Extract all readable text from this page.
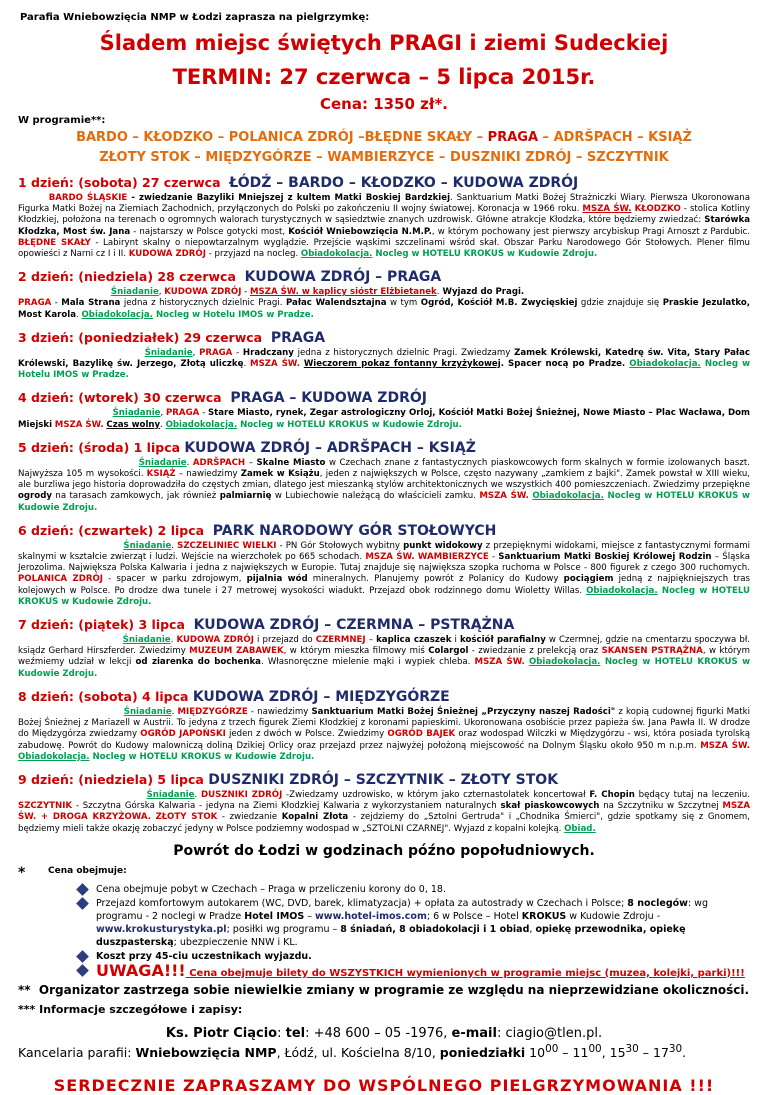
Parafia Wniebowzięcia NMP w Łodzi zaprasza na pielgrzymkę:
Śladem miejsc świętych PRAGI i ziemi Sudeckiej
TERMIN: 27 czerwca – 5 lipca 2015r.
Cena: 1350 zł*.
W programie**:
BARDO – KŁODZKO – POLANICA ZDRÓJ –BŁĘDNE SKAŁY – PRAGA – ADRŠPACH – KSIĄŻ
ZŁOTY STOK – MIĘDZYGÓRZE – WAMBIERZYCE – DUSZNIKI ZDRÓJ – SZCZYTNIK
1 dzień: (sobota) 27 czerwca ŁÓDŹ – BARDO – KŁODZKO – KUDOWA ZDRÓJ

BARDO ŚLĄSKIE - zwiedzanie Bazyliki Mniejszej z kultem Matki Boskiej Bardzkiej. Sanktuarium Matki Bożej Strażniczki Wiary. Pierwsza Ukoronowana Figurka Matki Bożej na Ziemiach Zachodnich, przyłączonych do Polski po zakończeniu II wojny światowej. Koronacja w 1966 roku. MSZA ŚW. KŁODZKO - stolica Kotliny Kłodzkiej, położona na terenach o ogromnych walorach turystycznych w sąsiedztwie znanych uzdrowisk. Główne atrakcje Kłodzka, które będziemy zwiedzać: Starówka Kłodzka, Most św. Jana - najstarszy w Polsce gotycki most, Kościół Wniebowzięcia N.M.P., w którym pochowany jest pierwszy arcybiskup Pragi Arnoszt z Pardubic. BŁĘDNE SKAŁY - Labirynt skalny o niepowtarzalnym wyglądzie. Przejście wąskimi szczelinami wśród skał. Obszar Parku Narodowego Gór Stołowych. Plener filmu opowieści z Narni cz I i II. KUDOWA ZDRÓJ - przyjazd na nocleg. Obiadokolacja. Nocleg w HOTELU KROKUS w Kudowie Zdroju.

2 dzień: (niedziela) 28 czerwca KUDOWA ZDRÓJ – PRAGA

Śniadanie, KUDOWA ZDRÓJ - MSZA ŚW. w kaplicy sióstr Elżbietanek. Wyjazd do Pragi.
PRAGA - Mala Strana jedna z historycznych dzielnic Pragi. Pałac Walendsztajna w tym Ogród, Kościół M.B. Zwycięskiej gdzie znajduje się Praskie Jezulatko, Most Karola. Obiadokolacja. Nocleg w Hotelu IMOS w Pradze.

3 dzień: (poniedziałek) 29 czerwca PRAGA

Śniadanie, PRAGA - Hradczany jedna z historycznych dzielnic Pragi. Zwiedzamy Zamek Królewski, Katedrę św. Vita, Stary Pałac Królewski, Bazylikę św. Jerzego, Złotą uliczkę. MSZA ŚW. Wieczorem pokaz fontanny krzyżykowej. Spacer nocą po Pradze. Obiadokolacja. Nocleg w Hotelu IMOS w Pradze.

4 dzień: (wtorek) 30 czerwca PRAGA – KUDOWA ZDRÓJ

Śniadanie, PRAGA - Stare Miasto, rynek, Zegar astrologiczny Orloj, Kościół Matki Bożej Śnieżnej, Nowe Miasto – Plac Wacława, Dom Miejski MSZA ŚW. Czas wolny. Obiadokolacja. Nocleg w HOTELU KROKUS w Kudowie Zdroju.

5 dzień: (środa) 1 lipca KUDOWA ZDRÓJ – ADRŠPACH – KSIĄŻ

Śniadanie. ADRŠPACH – Skalne Miasto w Czechach znane z fantastycznych piaskowcowych form skalnych w formie izolowanych baszt. Najwyższa 105 m wysokości. KSIĄŻ – nawiedzimy Zamek w Książu, jeden z największych w Polsce, często nazywany „zamkiem z bajki". Zamek powstał w XIII wieku, ale burzliwa jego historia doprowadziła do częstych zmian, dlatego jest mieszanką stylów architektonicznych we wszystkich 400 pomieszczeniach. Zwiedzimy przepiękne ogrody na tarasach zamkowych, jak również palmiarnię w Lubiechowie należącą do właścicieli zamku. MSZA ŚW. Obiadokolacja. Nocleg w HOTELU KROKUS w Kudowie Zdroju.

6 dzień: (czwartek) 2 lipca PARK NARODOWY GÓR STOŁOWYCH

Śniadanie. SZCZELINIEC WIELKI - PN Gór Stołowych wybitny punkt widokowy z przepięknymi widokami, miejsce z fantastycznymi formami skalnymi w kształcie zwierząt i ludzi. Wejście na wierzchołek po 665 schodach. MSZA ŚW. WAMBIERZYCE - Sanktuarium Matki Boskiej Królowej Rodzin – Śląska Jerozolima. Największa Polska Kalwaria i jedna z największych w Europie. Tutaj znajduje się największa szopka ruchoma w Polsce - 800 figurek z czego 300 ruchomych. POLANICA ZDRÓJ - spacer w parku zdrojowym, pijalnia wód mineralnych. Planujemy powrót z Polanicy do Kudowy pociągiem jedną z najpiękniejszych tras kolejowych w Polsce. Po drodze dwa tunele i 27 metrowej wysokości wiadukt. Przejazd obok rodzinnego domu Wioletty Willas. Obiadokolacja. Nocleg w HOTELU KROKUS w Kudowie Zdroju.

7 dzień: (piątek) 3 lipca KUDOWA ZDRÓJ – CZERMNA – PSTRĄŻNA

Śniadanie. KUDOWA ZDRÓJ i przejazd do CZERMNEJ – kaplica czaszek i kościół parafialny w Czermnej, gdzie na cmentarzu spoczywa bł. ksiądz Gerhard Hirszferder. Zwiedzimy MUZEUM ZABAWEK, w którym mieszka filmowy miś Colargol - zwiedzanie z prelekcją oraz SKANSEN PSTRĄŻNA, w którym weźmiemy udział w lekcji od ziarenka do bochenka. Własnoręczne mielenie mąki i wypiek chleba. MSZA ŚW. Obiadokolacja. Nocleg w HOTELU KROKUS w Kudowie Zdroju.

8 dzień: (sobota) 4 lipca KUDOWA ZDRÓJ – MIĘDZYGÓRZE

Śniadanie. MIĘDZYGÓRZE - nawiedzimy Sanktuarium Matki Bożej Śnieżnej „Przyczyny naszej Radości" z kopią cudownej figurki Matki Bożej Śnieżnej z Mariazell w Austrii. To jedyna z trzech figurek Ziemi Kłodzkiej z koronami papieskimi. Ukoronowana osobiście przez papieża św. Jana Pawła II. W drodze do Międzygórza zwiedzamy OGRÓD JAPOŃSKI jeden z dwóch w Polsce. Zwiedzimy OGRÓD BAJEK oraz wodospad Wilczki w Międzygórzu - wsi, która posiada tyrolską zabudowę. Powrót do Kudowy malowniczą doliną Dzikiej Orlicy oraz przejazd przez najwyżej położoną miejscowość na Dolnym Śląsku około 950 m n.p.m. MSZA ŚW. Obiadokolacja. Nocleg w HOTELU KROKUS w Kudowie Zdroju.

9 dzień: (niedziela) 5 lipca DUSZNIKI ZDRÓJ – SZCZYTNIK – ZŁOTY STOK

Śniadanie. DUSZNIKI ZDRÓJ -Zwiedzamy uzdrowisko, w którym jako czternastolatek koncertował F. Chopin będący tutaj na leczeniu. SZCZYTNIK - Szczytna Górska Kalwaria - jedyna na Ziemi Kłodzkiej Kalwaria z wykorzystaniem naturalnych skał piaskowcowych na Szczytniku w Szczytnej MSZA ŚW. + DROGA KRZYŻOWA. ZŁOTY STOK - zwiedzanie Kopalni Złota - zejdziemy do „Sztolni Gertruda" i „Chodnika Śmierci", gdzie spotkamy się z Gnomem, będziemy mieli także okazję zobaczyć jedyny w Polsce podziemny wodospad w „SZTOLNI CZARNEJ". Wyjazd z kopalni kolejką. Obiad.

Powrót do Łodzi w godzinach późno popołudniowych.
*	Cena obejmuje:
Cena obejmuje pobyt w Czechach – Praga w przeliczeniu korony do 0, 18.
Przejazd komfortowym autokarem (WC, DVD, barek, klimatyzacja) + opłata za autostrady w Czechach i Polsce; 8 noclegów: wg programu - 2 noclegi w Pradze Hotel IMOS – www.hotel-imos.com; 6 w Polsce – Hotel KROKUS w Kudowie Zdroju - www.krokusturystyka.pl; posiłki wg programu – 8 śniadań, 8 obiadokolacji i 1 obiad, opiekę przewodnika, opiekę duszpasterską; ubezpieczenie NNW i KL.
Koszt przy 45-ciu uczestnikach wyjazdu.
UWAGA!!! Cena obejmuje bilety do WSZYSTKICH wymienionych w programie miejsc (muzea, kolejki, parki)!!!
** Organizator zastrzega sobie niewielkie zmiany w programie ze względu na nieprzewidziane okoliczności.
*** Informacje szczegółowe i zapisy:
Ks. Piotr Ciącio: tel: +48 600 – 05 -1976, e-mail: ciagio@tlen.pl.
Kancelaria parafii: Wniebowzięcia NMP, Łódź, ul. Kościelna 8/10, poniedziałki $10^{00} - 11^{00}$, $15^{30} - 17^{30}$.
SERDECZNIE ZAPRASZAMY DO WSPÓLNEGO PIELGRZYMOWANIA !!!
